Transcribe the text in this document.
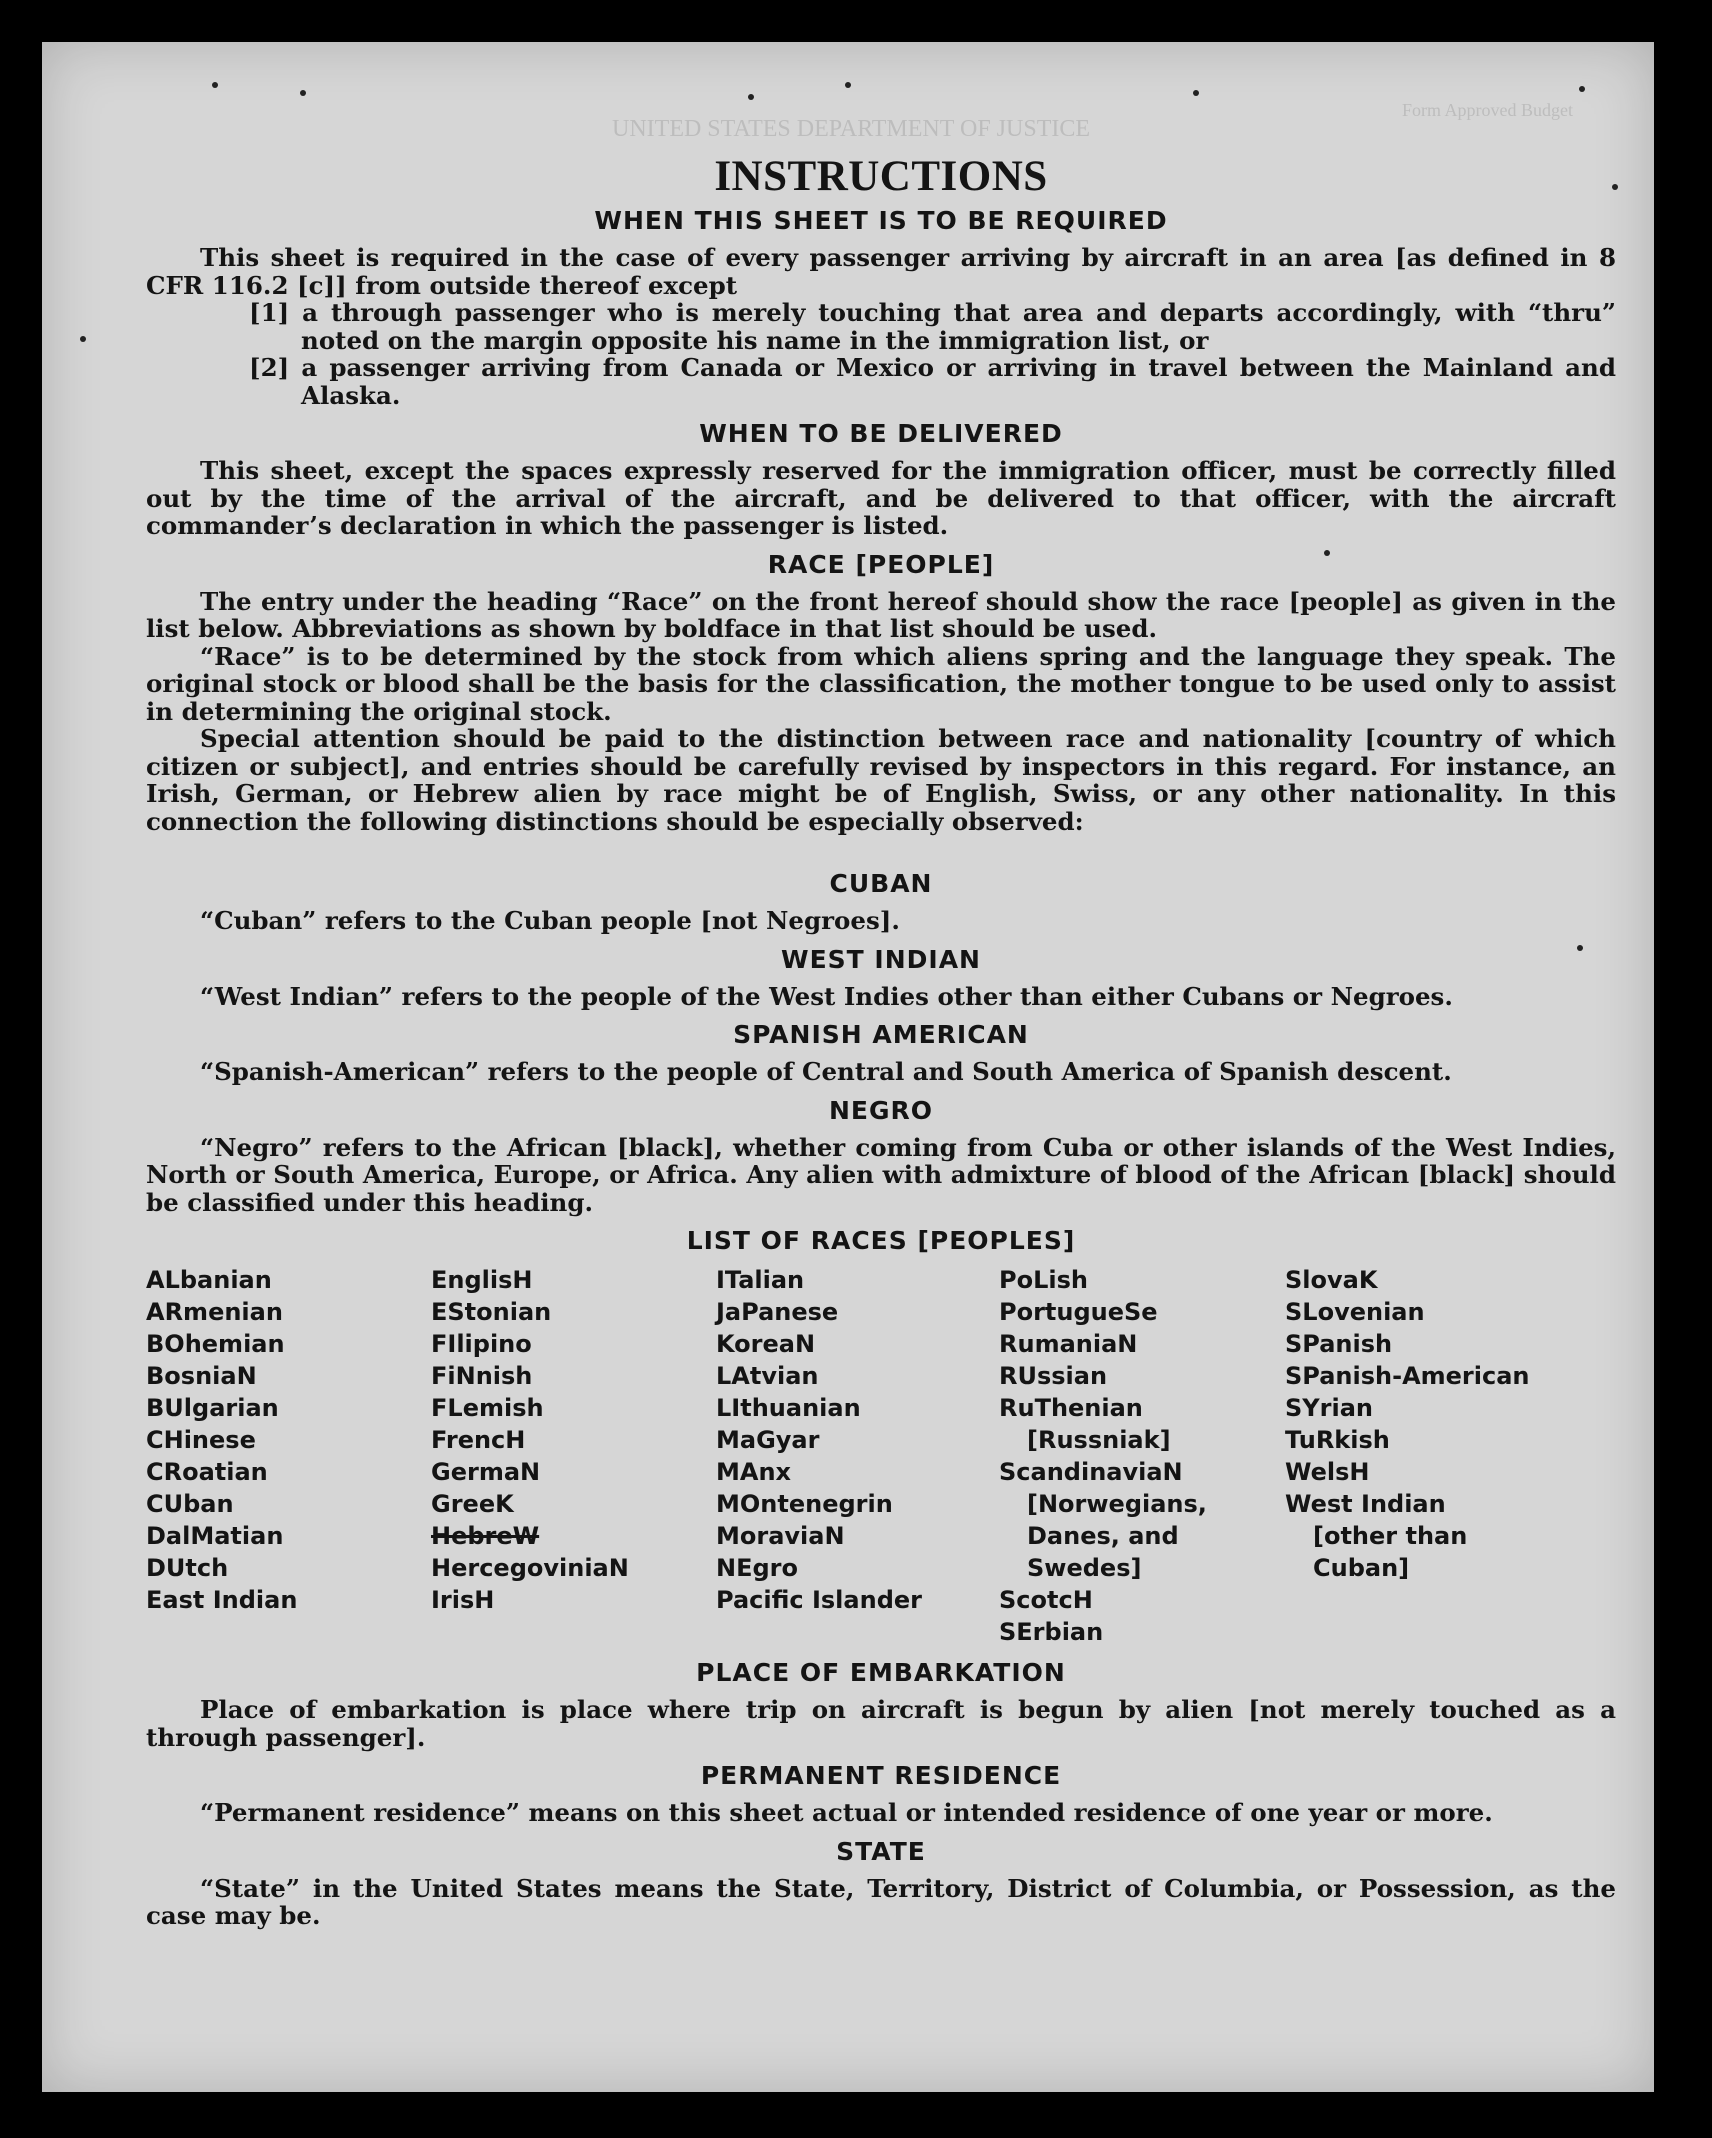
UNITED STATES DEPARTMENT OF JUSTICE
Form Approved Budget
INSTRUCTIONS
WHEN THIS SHEET IS TO BE REQUIRED

This sheet is required in the case of every passenger arriving by aircraft in an area [as defined in 8 CFR 116.2 [c]] from outside thereof except

[1] a through passenger who is merely touching that area and departs accordingly, with “thru” noted on the margin opposite his name in the immigration list, or

[2] a passenger arriving from Canada or Mexico or arriving in travel between the Mainland and Alaska.

WHEN TO BE DELIVERED

This sheet, except the spaces expressly reserved for the immigration officer, must be correctly filled out by the time of the arrival of the aircraft, and be delivered to that officer, with the aircraft commander’s declaration in which the passenger is listed.

RACE [PEOPLE]

The entry under the heading “Race” on the front hereof should show the race [people] as given in the list below. Abbreviations as shown by boldface in that list should be used.

“Race” is to be determined by the stock from which aliens spring and the language they speak. The original stock or blood shall be the basis for the classification, the mother tongue to be used only to assist in determining the original stock.

Special attention should be paid to the distinction between race and nationality [country of which citizen or subject], and entries should be carefully revised by inspectors in this regard. For instance, an Irish, German, or Hebrew alien by race might be of English, Swiss, or any other nationality. In this connection the following distinctions should be especially observed:

CUBAN

“Cuban” refers to the Cuban people [not Negroes].

WEST INDIAN

“West Indian” refers to the people of the West Indies other than either Cubans or Negroes.

SPANISH AMERICAN

“Spanish-American” refers to the people of Central and South America of Spanish descent.

NEGRO

“Negro” refers to the African [black], whether coming from Cuba or other islands of the West Indies, North or South America, Europe, or Africa. Any alien with admixture of blood of the African [black] should be classified under this heading.

LIST OF RACES [PEOPLES]
ALbanian
ARmenian
BOhemian
BosniaN
BUlgarian
CHinese
CRoatian
CUban
DalMatian
DUtch
East Indian
EnglisH
EStonian
FIlipino
FiNnish
FLemish
FrencH
GermaN
GreeK
HebreW
HercegoviniaN
IrisH
ITalian
JaPanese
KoreaN
LAtvian
LIthuanian
MaGyar
MAnx
MOntenegrin
MoraviaN
NEgro
Pacific Islander
PoLish
PortugueSe
RumaniaN
RUssian
RuThenian [Russniak]
ScandinaviaN [Norwegians, Danes, and Swedes]
ScotcH
SErbian
SlovaK
SLovenian
SPanish
SPanish-American
SYrian
TuRkish
WelsH
West Indian [other than Cuban]
PLACE OF EMBARKATION

Place of embarkation is place where trip on aircraft is begun by alien [not merely touched as a through passenger].

PERMANENT RESIDENCE

“Permanent residence” means on this sheet actual or intended residence of one year or more.

STATE

“State” in the United States means the State, Territory, District of Columbia, or Possession, as the case may be.
